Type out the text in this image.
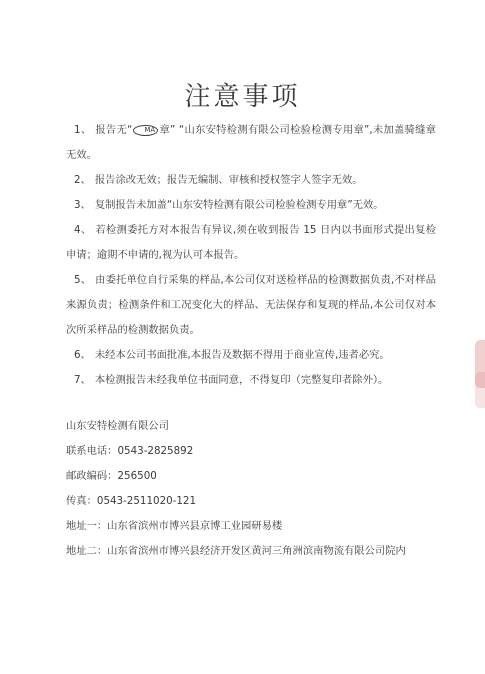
注意事项

1、 报告无“ MA 章” “山东安特检测有限公司检验检测专用章”,未加盖骑缝章无效。

2、 报告涂改无效；报告无编制、审核和授权签字人签字无效。

3、 复制报告未加盖“山东安特检测有限公司检验检测专用章”无效。

4、 若检测委托方对本报告有异议,须在收到报告 15 日内以书面形式提出复检申请；逾期不申请的,视为认可本报告。

5、 由委托单位自行采集的样品,本公司仅对送检样品的检测数据负责,不对样品来源负责；检测条件和工况变化大的样品、无法保存和复现的样品,本公司仅对本次所采样品的检测数据负责。

6、 未经本公司书面批准,本报告及数据不得用于商业宣传,违者必究。

7、 本检测报告未经我单位书面同意，不得复印（完整复印者除外）。

山东安特检测有限公司

联系电话：0543-2825892

邮政编码：256500

传真：0543-2511020-121

地址一：山东省滨州市博兴县京博工业园研易楼

地址二：山东省滨州市博兴县经济开发区黄河三角洲滨南物流有限公司院内
